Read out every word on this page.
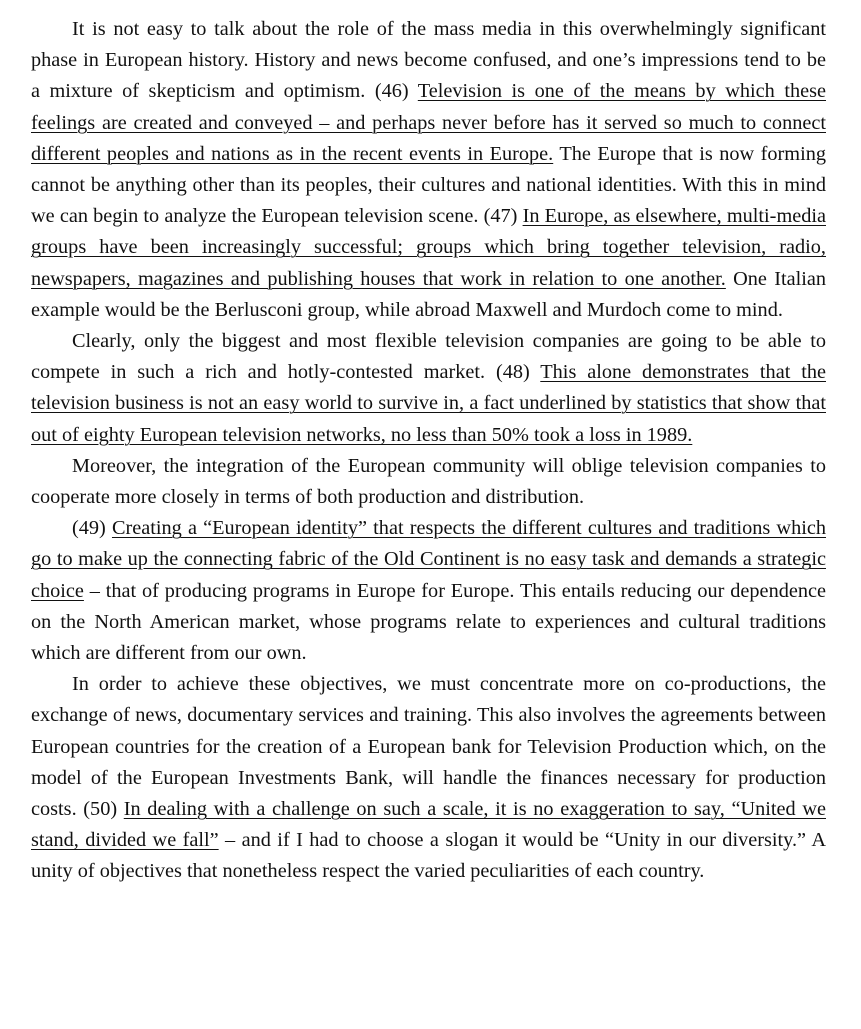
It is not easy to talk about the role of the mass media in this overwhelmingly significant phase in European history. History and news become confused, and one’s impressions tend to be a mixture of skepticism and optimism. (46) Television is one of the means by which these feelings are created and conveyed – and perhaps never before has it served so much to connect different peoples and nations as in the recent events in Europe. The Europe that is now forming cannot be anything other than its peoples, their cultures and national identities. With this in mind we can begin to analyze the European television scene. (47) In Europe, as elsewhere, multi-media groups have been increasingly successful; groups which bring together television, radio, newspapers, magazines and publishing houses that work in relation to one another. One Italian example would be the Berlusconi group, while abroad Maxwell and Murdoch come to mind.

Clearly, only the biggest and most flexible television companies are going to be able to compete in such a rich and hotly-contested market. (48) This alone demonstrates that the television business is not an easy world to survive in, a fact underlined by statistics that show that out of eighty European television networks, no less than 50% took a loss in 1989.

Moreover, the integration of the European community will oblige television companies to cooperate more closely in terms of both production and distribution.

(49) Creating a “European identity” that respects the different cultures and traditions which go to make up the connecting fabric of the Old Continent is no easy task and demands a strategic choice – that of producing programs in Europe for Europe. This entails reducing our dependence on the North American market, whose programs relate to experiences and cultural traditions which are different from our own.

In order to achieve these objectives, we must concentrate more on co-productions, the exchange of news, documentary services and training. This also involves the agreements between European countries for the creation of a European bank for Television Production which, on the model of the European Investments Bank, will handle the finances necessary for production costs. (50) In dealing with a challenge on such a scale, it is no exaggeration to say, “United we stand, divided we fall” – and if I had to choose a slogan it would be “Unity in our diversity.” A unity of objectives that nonetheless respect the varied peculiarities of each country.
